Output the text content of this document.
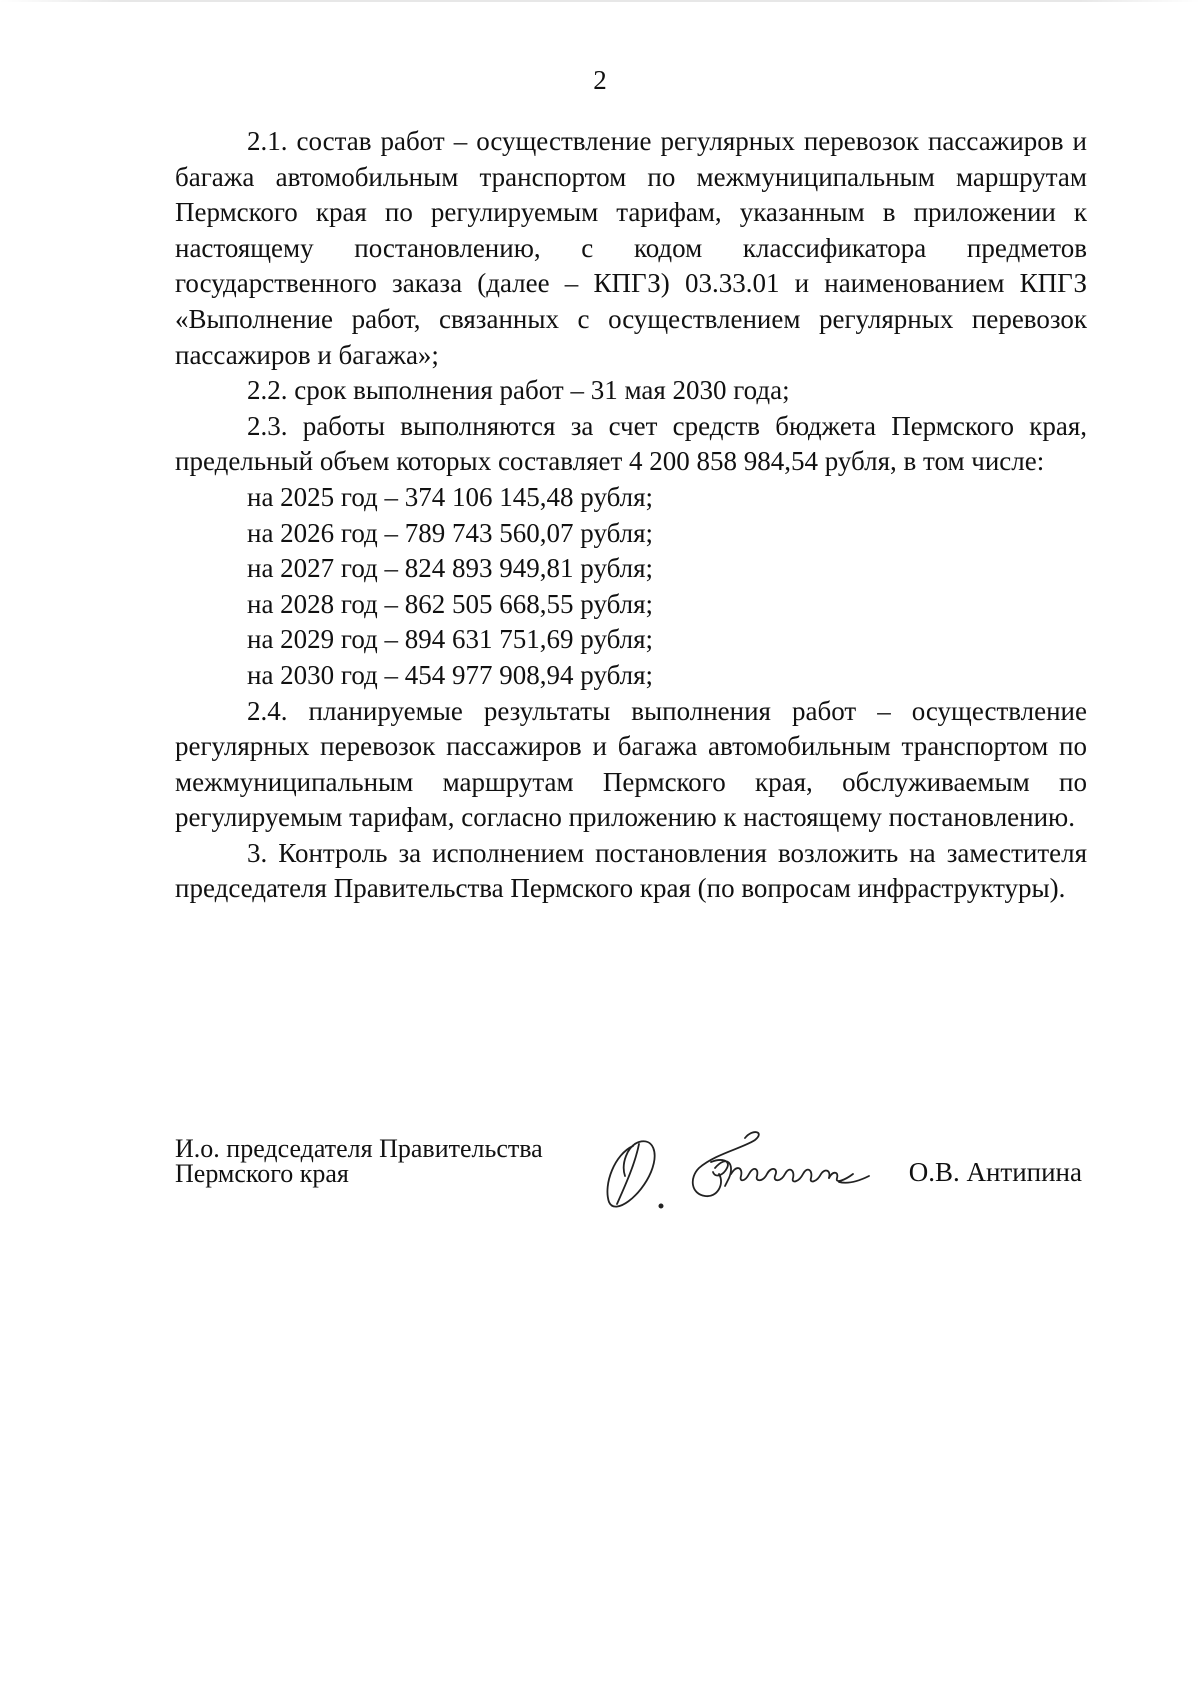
2

2.1. состав работ – осуществление регулярных перевозок пассажиров и багажа автомобильным транспортом по межмуниципальным маршрутам Пермского края по регулируемым тарифам, указанным в приложении к настоящему постановлению, с кодом классификатора предметов государственного заказа (далее – КПГЗ) 03.33.01 и наименованием КПГЗ «Выполнение работ, связанных с осуществлением регулярных перевозок пассажиров и багажа»;

2.2. срок выполнения работ – 31 мая 2030 года;

2.3. работы выполняются за счет средств бюджета Пермского края, предельный объем которых составляет 4 200 858 984,54 рубля, в том числе:

на 2025 год – 374 106 145,48 рубля;

на 2026 год – 789 743 560,07 рубля;

на 2027 год – 824 893 949,81 рубля;

на 2028 год – 862 505 668,55 рубля;

на 2029 год – 894 631 751,69 рубля;

на 2030 год – 454 977 908,94 рубля;

2.4. планируемые результаты выполнения работ – осуществление регулярных перевозок пассажиров и багажа автомобильным транспортом по межмуниципальным маршрутам Пермского края, обслуживаемым по регулируемым тарифам, согласно приложению к настоящему постановлению.

3. Контроль за исполнением постановления возложить на заместителя председателя Правительства Пермского края (по вопросам инфраструктуры).

И.о. председателя Правительства
Пермского края	О.В. Антипина
